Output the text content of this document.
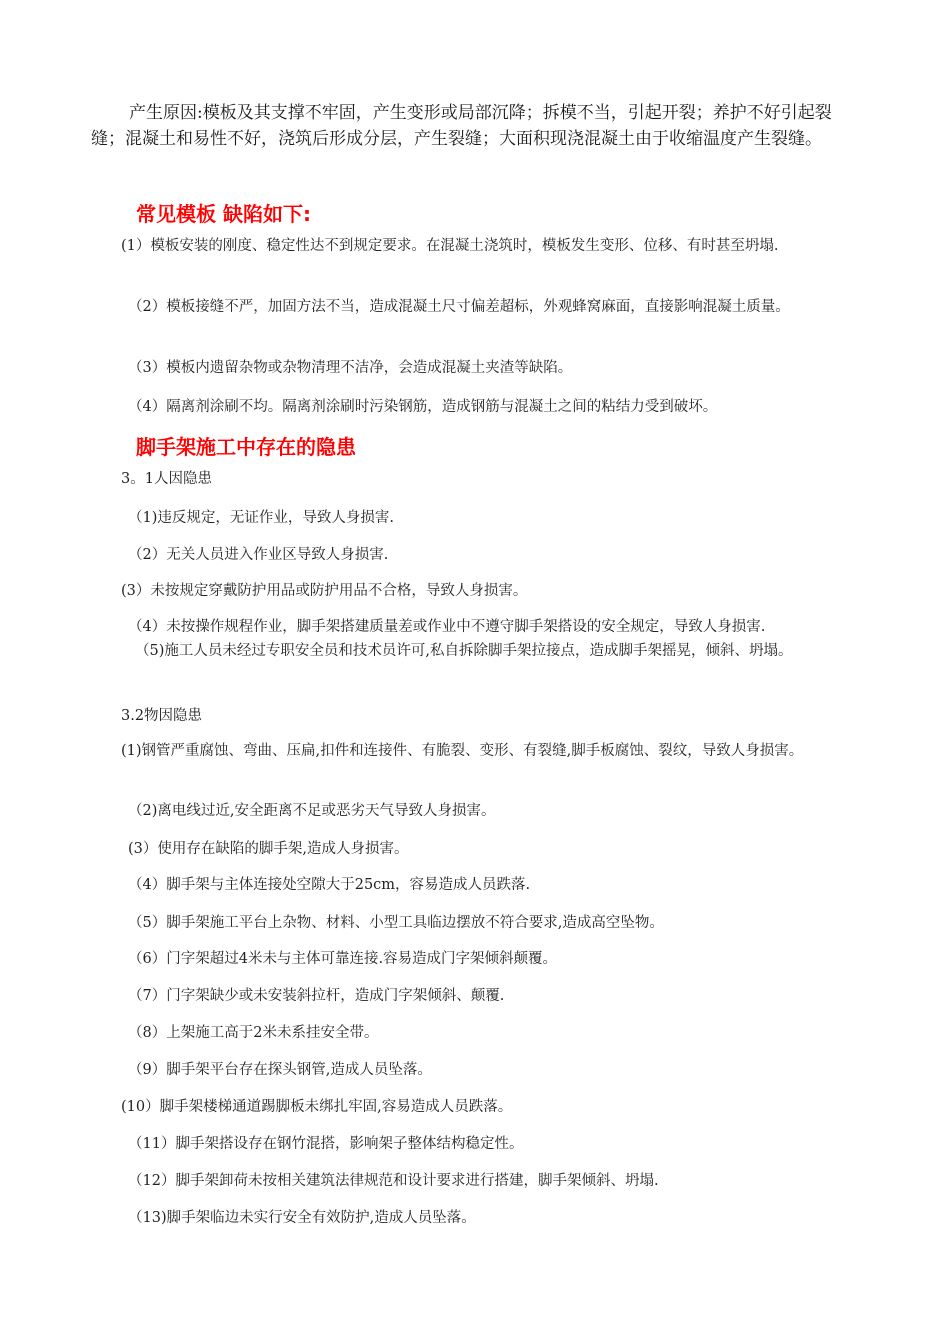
产生原因:模板及其支撑不牢固，产生变形或局部沉降；拆模不当，引起开裂；养护不好引起裂缝；混凝土和易性不好，浇筑后形成分层，产生裂缝；大面积现浇混凝土由于收缩温度产生裂缝。

常见模板 缺陷如下:

(1）模板安装的刚度、稳定性达不到规定要求。在混凝土浇筑时，模板发生变形、位移、有时甚至坍塌.

（2）模板接缝不严，加固方法不当，造成混凝土尺寸偏差超标，外观蜂窝麻面，直接影响混凝土质量。

（3）模板内遗留杂物或杂物清理不洁净，会造成混凝土夹渣等缺陷。

（4）隔离剂涂刷不均。隔离剂涂刷时污染钢筋，造成钢筋与混凝土之间的粘结力受到破坏。

脚手架施工中存在的隐患

3。1人因隐患

（1)违反规定，无证作业，导致人身损害.

（2）无关人员进入作业区导致人身损害.

(3）未按规定穿戴防护用品或防护用品不合格，导致人身损害。

（4）未按操作规程作业，脚手架搭建质量差或作业中不遵守脚手架搭设的安全规定，导致人身损害.

（5)施工人员未经过专职安全员和技术员许可,私自拆除脚手架拉接点，造成脚手架摇晃，倾斜、坍塌。

3.2物因隐患

(1)钢管严重腐蚀、弯曲、压扁,扣件和连接件、有脆裂、变形、有裂缝,脚手板腐蚀、裂纹，导致人身损害。

（2)离电线过近,安全距离不足或恶劣天气导致人身损害。

(3）使用存在缺陷的脚手架,造成人身损害。

（4）脚手架与主体连接处空隙大于25cm，容易造成人员跌落.

（5）脚手架施工平台上杂物、材料、小型工具临边摆放不符合要求,造成高空坠物。

（6）门字架超过4米未与主体可靠连接.容易造成门字架倾斜颠覆。

（7）门字架缺少或未安装斜拉杆，造成门字架倾斜、颠覆.

（8）上架施工高于2米未系挂安全带。

（9）脚手架平台存在探头钢管,造成人员坠落。

(10）脚手架楼梯通道踢脚板未绑扎牢固,容易造成人员跌落。

（11）脚手架搭设存在钢竹混搭，影响架子整体结构稳定性。

（12）脚手架卸荷未按相关建筑法律规范和设计要求进行搭建，脚手架倾斜、坍塌.

（13)脚手架临边未实行安全有效防护,造成人员坠落。
